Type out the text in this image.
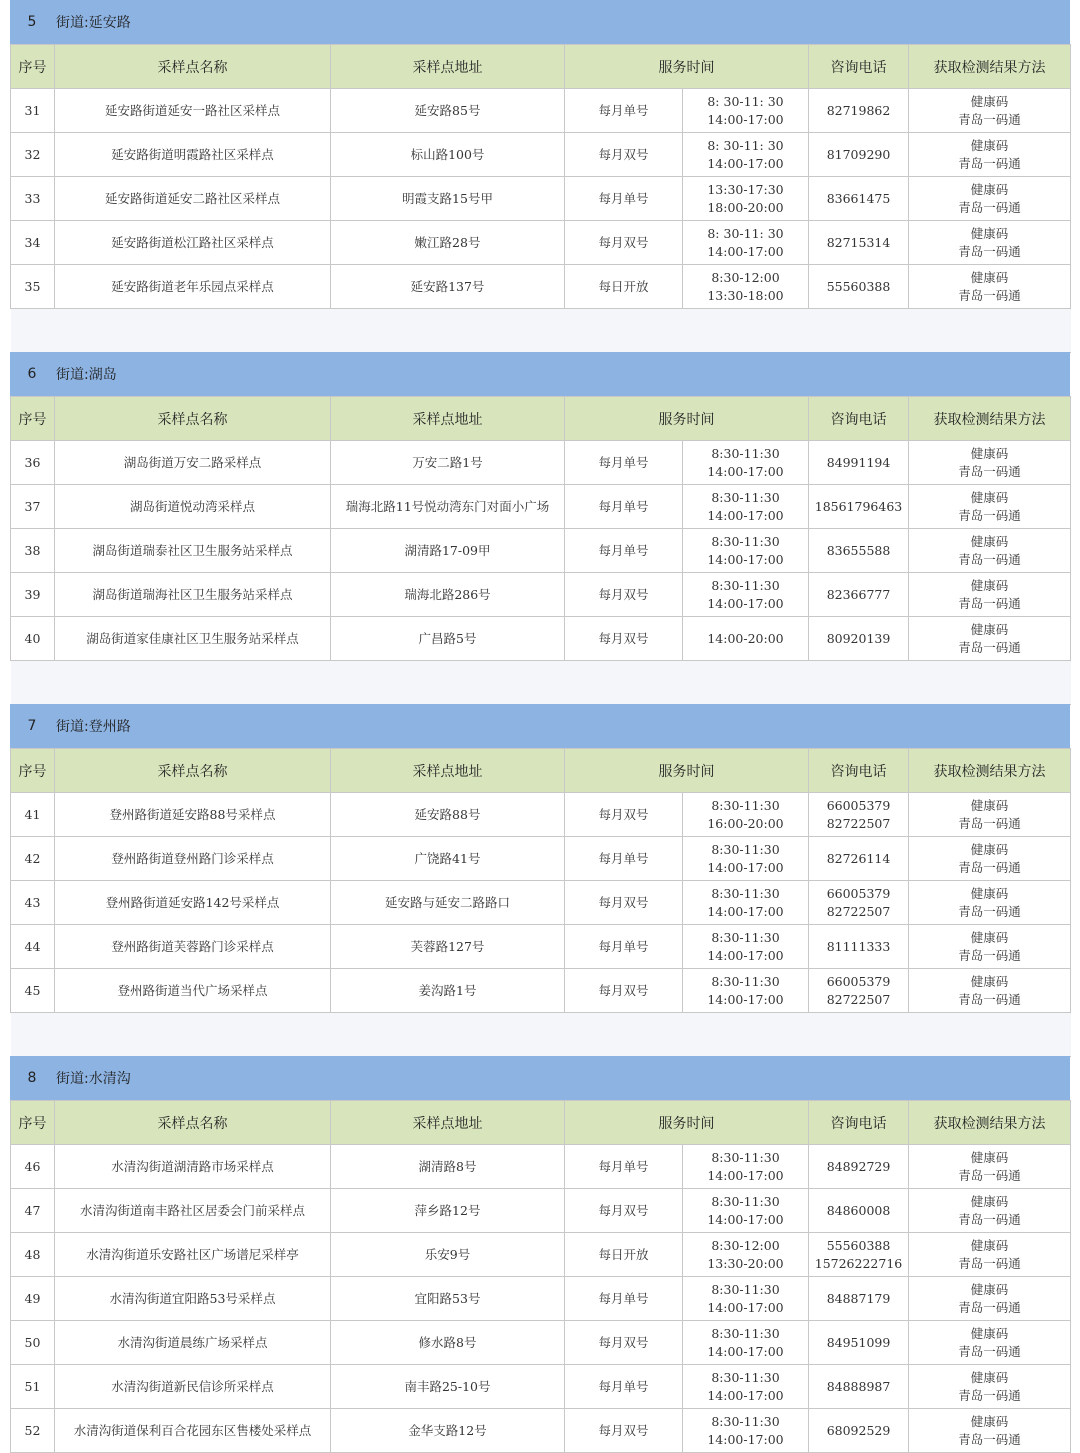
5	街道:延安路
序号	采样点名称	采样点地址	服务时间		咨询电话	获取检测结果方法

31	延安路街道延安一路社区采样点	延安路85号	每月单号	8: 30-11: 30
14:00-17:00	82719862	健康码
青岛一码通

32	延安路街道明霞路社区采样点	标山路100号	每月双号	8: 30-11: 30
14:00-17:00	81709290	健康码
青岛一码通

33	延安路街道延安二路社区采样点	明霞支路15号甲	每月单号	13:30-17:30
18:00-20:00	83661475	健康码
青岛一码通

34	延安路街道松江路社区采样点	嫩江路28号	每月双号	8: 30-11: 30
14:00-17:00	82715314	健康码
青岛一码通

35	延安路街道老年乐园点采样点	延安路137号	每日开放	8:30-12:00
13:30-18:00	55560388	健康码
青岛一码通

6	街道:湖岛
序号	采样点名称	采样点地址	服务时间		咨询电话	获取检测结果方法

36	湖岛街道万安二路采样点	万安二路1号	每月单号	8:30-11:30
14:00-17:00	84991194	健康码
青岛一码通

37	湖岛街道悦动湾采样点	瑞海北路11号悦动湾东门对面小广场	每月单号	8:30-11:30
14:00-17:00	18561796463	健康码
青岛一码通

38	湖岛街道瑞泰社区卫生服务站采样点	湖清路17-09甲	每月单号	8:30-11:30
14:00-17:00	83655588	健康码
青岛一码通

39	湖岛街道瑞海社区卫生服务站采样点	瑞海北路286号	每月双号	8:30-11:30
14:00-17:00	82366777	健康码
青岛一码通

40	湖岛街道家佳康社区卫生服务站采样点	广昌路5号	每月双号	14:00-20:00	80920139	健康码
青岛一码通

7	街道:登州路
序号	采样点名称	采样点地址	服务时间		咨询电话	获取检测结果方法

41	登州路街道延安路88号采样点	延安路88号	每月双号	8:30-11:30
16:00-20:00	66005379
82722507	健康码
青岛一码通

42	登州路街道登州路门诊采样点	广饶路41号	每月单号	8:30-11:30
14:00-17:00	82726114	健康码
青岛一码通

43	登州路街道延安路142号采样点	延安路与延安二路路口	每月双号	8:30-11:30
14:00-17:00	66005379
82722507	健康码
青岛一码通

44	登州路街道芙蓉路门诊采样点	芙蓉路127号	每月单号	8:30-11:30
14:00-17:00	81111333	健康码
青岛一码通

45	登州路街道当代广场采样点	姜沟路1号	每月双号	8:30-11:30
14:00-17:00	66005379
82722507	健康码
青岛一码通

8	街道:水清沟
序号	采样点名称	采样点地址	服务时间		咨询电话	获取检测结果方法

46	水清沟街道湖清路市场采样点	湖清路8号	每月单号	8:30-11:30
14:00-17:00	84892729	健康码
青岛一码通

47	水清沟街道南丰路社区居委会门前采样点	萍乡路12号	每月双号	8:30-11:30
14:00-17:00	84860008	健康码
青岛一码通

48	水清沟街道乐安路社区广场谱尼采样亭	乐安9号	每日开放	8:30-12:00
13:30-20:00	55560388
15726222716	健康码
青岛一码通

49	水清沟街道宜阳路53号采样点	宜阳路53号	每月单号	8:30-11:30
14:00-17:00	84887179	健康码
青岛一码通

50	水清沟街道晨练广场采样点	修水路8号	每月双号	8:30-11:30
14:00-17:00	84951099	健康码
青岛一码通

51	水清沟街道新民信诊所采样点	南丰路25-10号	每月单号	8:30-11:30
14:00-17:00	84888987	健康码
青岛一码通

52	水清沟街道保利百合花园东区售楼处采样点	金华支路12号	每月双号	8:30-11:30
14:00-17:00	68092529	健康码
青岛一码通
